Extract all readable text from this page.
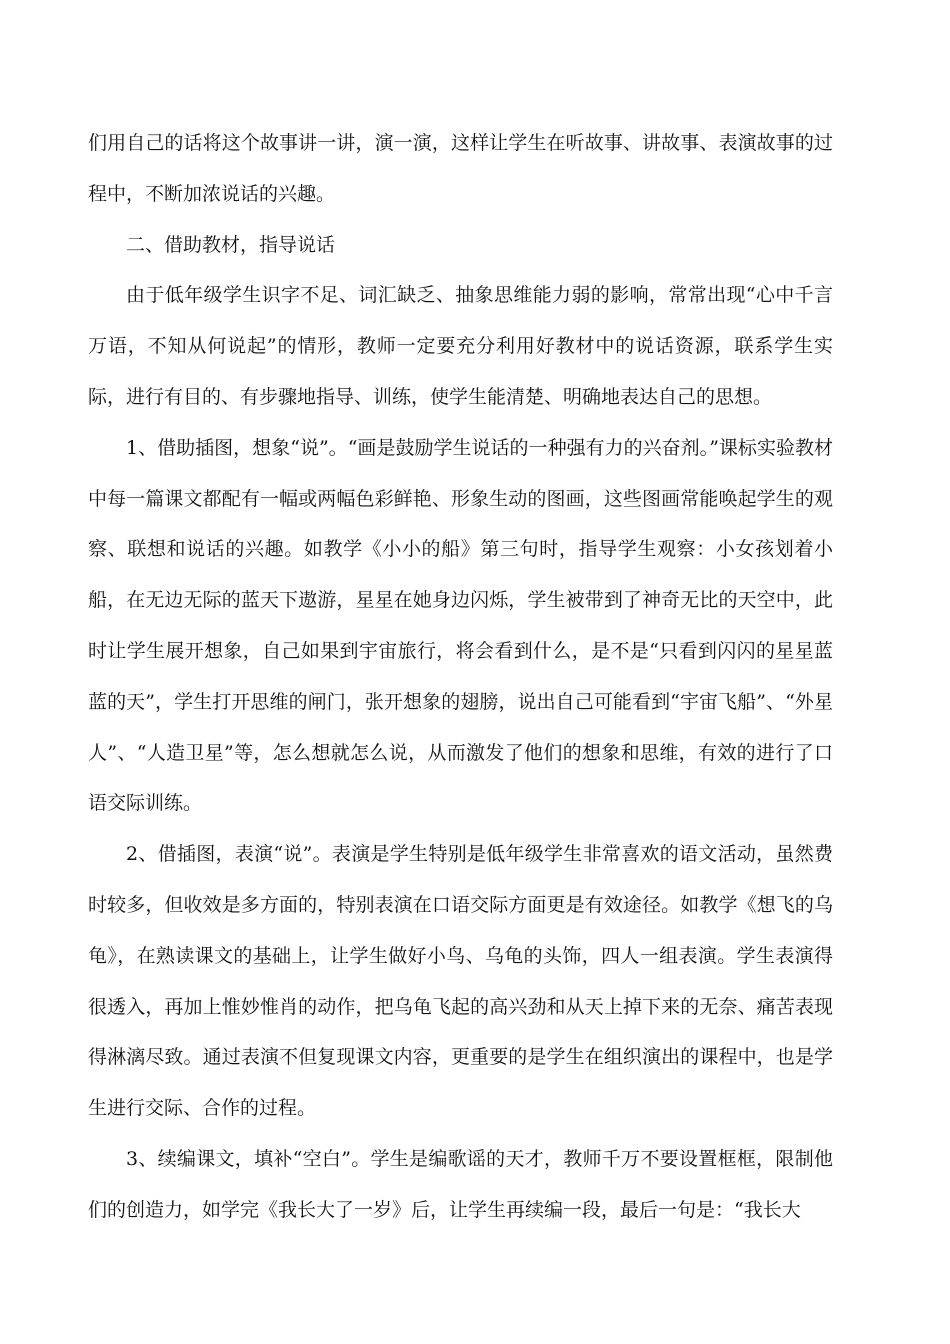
们用自己的话将这个故事讲一讲，演一演，这样让学生在听故事、讲故事、表演故事的过程中，不断加浓说话的兴趣。

二、借助教材，指导说话

由于低年级学生识字不足、词汇缺乏、抽象思维能力弱的影响，常常出现“心中千言万语，不知从何说起”的情形，教师一定要充分利用好教材中的说话资源，联系学生实际，进行有目的、有步骤地指导、训练，使学生能清楚、明确地表达自己的思想。

1、借助插图，想象“说”。“画是鼓励学生说话的一种强有力的兴奋剂。”课标实验教材中每一篇课文都配有一幅或两幅色彩鲜艳、形象生动的图画，这些图画常能唤起学生的观察、联想和说话的兴趣。如教学《小小的船》第三句时，指导学生观察：小女孩划着小船，在无边无际的蓝天下遨游，星星在她身边闪烁，学生被带到了神奇无比的天空中，此时让学生展开想象，自己如果到宇宙旅行，将会看到什么，是不是“只看到闪闪的星星蓝蓝的天”，学生打开思维的闸门，张开想象的翅膀，说出自己可能看到“宇宙飞船”、“外星人”、“人造卫星”等，怎么想就怎么说，从而激发了他们的想象和思维，有效的进行了口语交际训练。

2、借插图，表演“说”。表演是学生特别是低年级学生非常喜欢的语文活动，虽然费时较多，但收效是多方面的，特别表演在口语交际方面更是有效途径。如教学《想飞的乌龟》，在熟读课文的基础上，让学生做好小鸟、乌龟的头饰，四人一组表演。学生表演得很透入，再加上惟妙惟肖的动作，把乌龟飞起的高兴劲和从天上掉下来的无奈、痛苦表现得淋漓尽致。通过表演不但复现课文内容，更重要的是学生在组织演出的课程中，也是学生进行交际、合作的过程。

3、续编课文，填补“空白”。学生是编歌谣的天才，教师千万不要设置框框，限制他们的创造力，如学完《我长大了一岁》后，让学生再续编一段，最后一句是：“我长大
